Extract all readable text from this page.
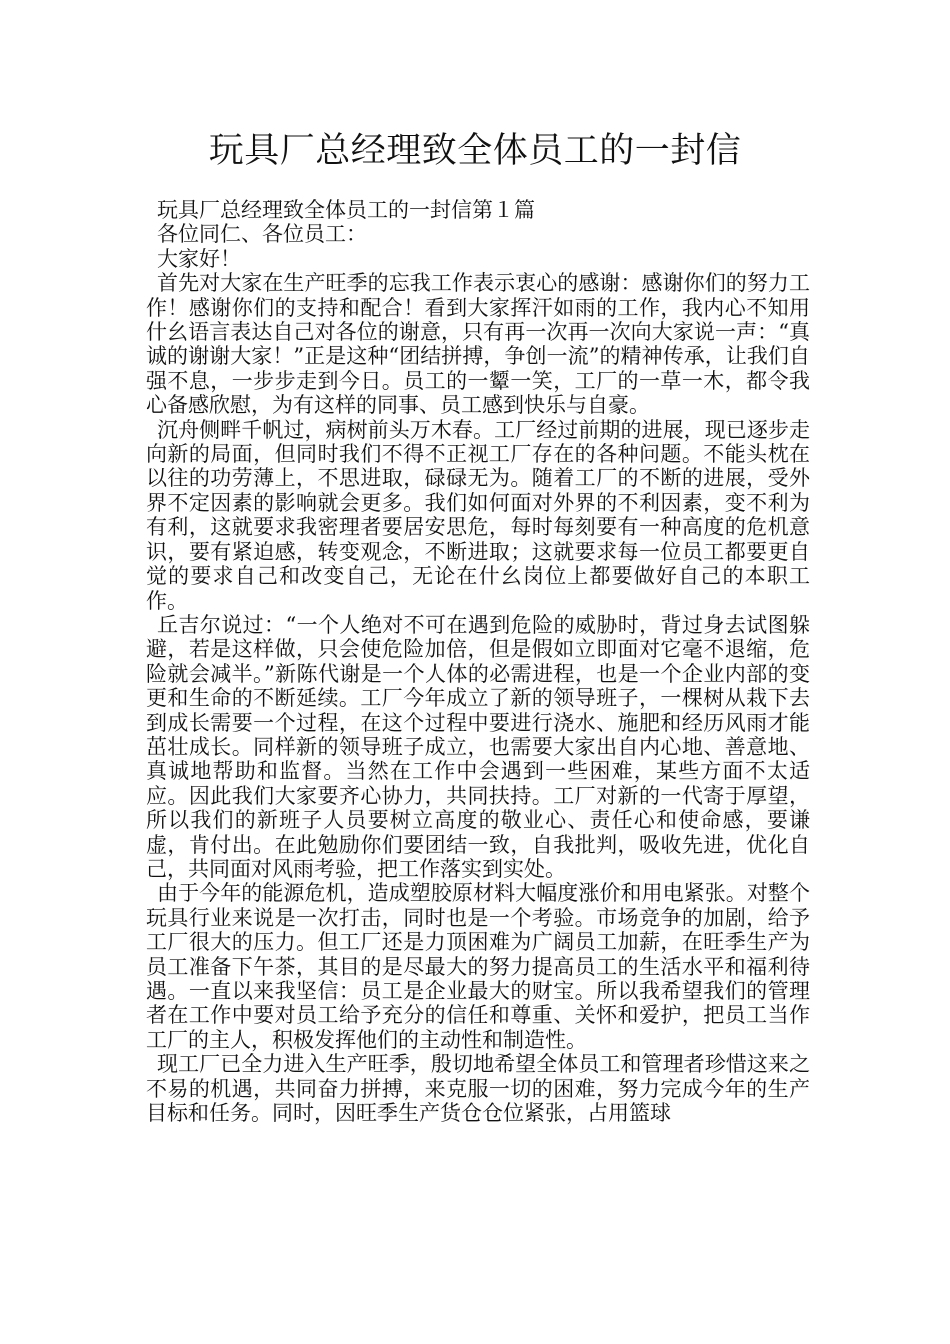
玩具厂总经理致全体员工的一封信

玩具厂总经理致全体员工的一封信第１篇

各位同仁、各位员工：

大家好！

首先对大家在生产旺季的忘我工作表示衷心的感谢：感谢你们的努力工作！感谢你们的支持和配合！看到大家挥汗如雨的工作，我内心不知用什幺语言表达自己对各位的谢意，只有再一次再一次向大家说一声：“真诚的谢谢大家！”正是这种“团结拼搏，争创一流”的精神传承，让我们自强不息，一步步走到今日。员工的一颦一笑，工厂的一草一木，都令我心备感欣慰，为有这样的同事、员工感到快乐与自豪。

沉舟侧畔千帆过，病树前头万木春。工厂经过前期的进展，现已逐步走向新的局面，但同时我们不得不正视工厂存在的各种问题。不能头枕在以往的功劳薄上，不思进取，碌碌无为。随着工厂的不断的进展，受外界不定因素的影响就会更多。我们如何面对外界的不利因素，变不利为有利，这就要求我密理者要居安思危，每时每刻要有一种高度的危机意识，要有紧迫感，转变观念，不断进取；这就要求每一位员工都要更自觉的要求自己和改变自己，无论在什幺岗位上都要做好自己的本职工作。

丘吉尔说过：“一个人绝对不可在遇到危险的威胁时，背过身去试图躲避，若是这样做，只会使危险加倍，但是假如立即面对它毫不退缩，危险就会减半。”新陈代谢是一个人体的必需进程，也是一个企业内部的变更和生命的不断延续。工厂今年成立了新的领导班子，一棵树从栽下去到成长需要一个过程，在这个过程中要进行浇水、施肥和经历风雨才能茁壮成长。同样新的领导班子成立，也需要大家出自内心地、善意地、真诚地帮助和监督。当然在工作中会遇到一些困难，某些方面不太适应。因此我们大家要齐心协力，共同扶持。工厂对新的一代寄于厚望，所以我们的新班子人员要树立高度的敬业心、责任心和使命感，要谦虚，肯付出。在此勉励你们要团结一致，自我批判，吸收先进，优化自己，共同面对风雨考验，把工作落实到实处。

由于今年的能源危机，造成塑胶原材料大幅度涨价和用电紧张。对整个玩具行业来说是一次打击，同时也是一个考验。市场竞争的加剧，给予工厂很大的压力。但工厂还是力顶困难为广阔员工加薪，在旺季生产为员工准备下午茶，其目的是尽最大的努力提高员工的生活水平和福利待遇。一直以来我坚信：员工是企业最大的财宝。所以我希望我们的管理者在工作中要对员工给予充分的信任和尊重、关怀和爱护，把员工当作工厂的主人，积极发挥他们的主动性和制造性。

现工厂已全力进入生产旺季，殷切地希望全体员工和管理者珍惜这来之不易的机遇，共同奋力拼搏，来克服一切的困难，努力完成今年的生产目标和任务。同时，因旺季生产货仓仓位紧张，占用篮球
